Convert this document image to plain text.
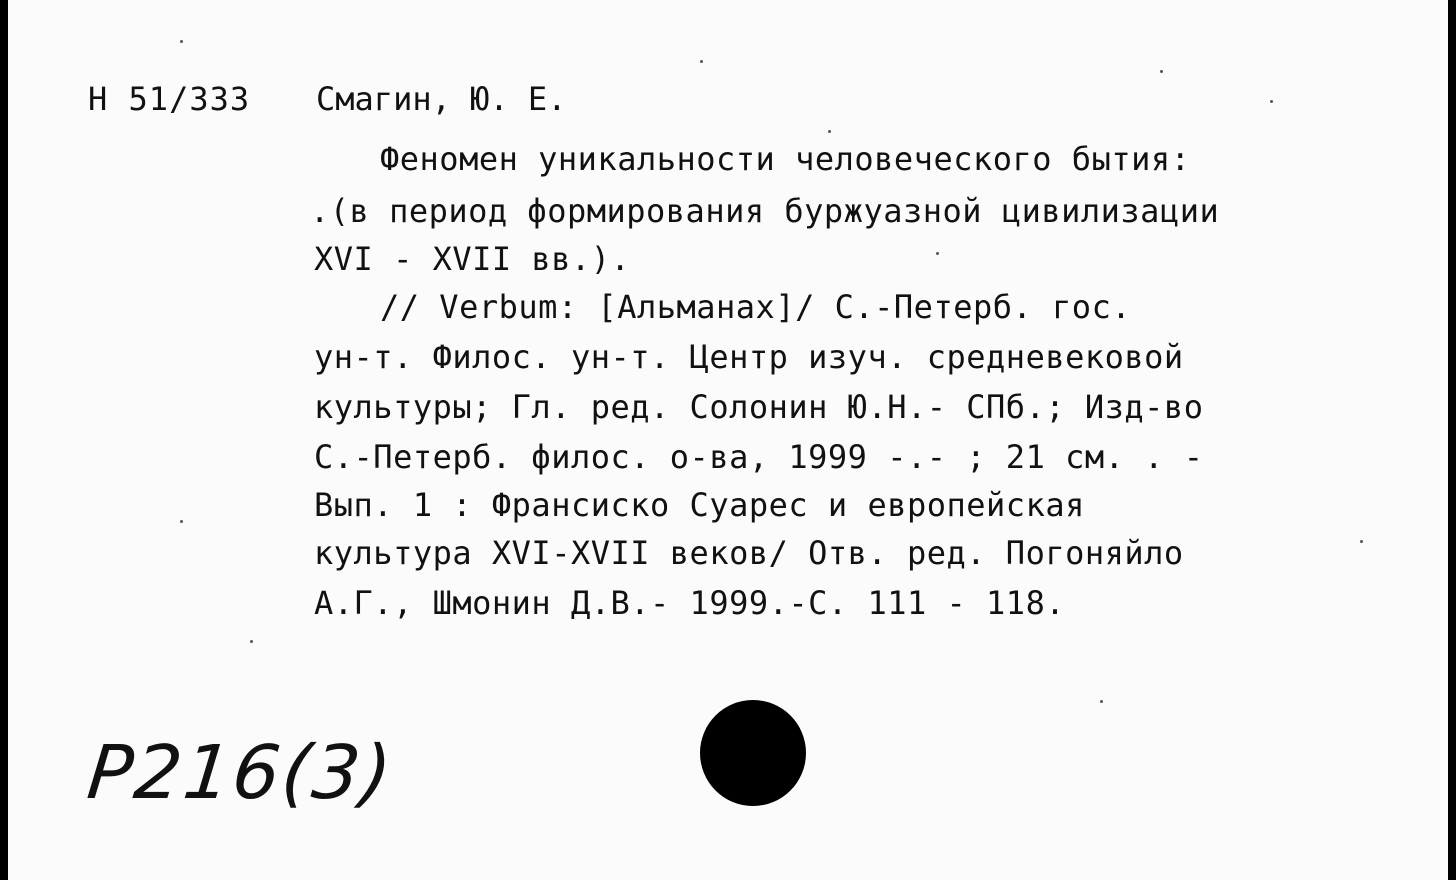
Н 51/333 Смагин, Ю. Е.
Феномен уникальности человеческого бытия:
.(в период формирования буржуазной цивилизации
XVI - XVII вв.).
// Verbum: [Альманах]/ С.-Петерб. гос.
ун-т. Филос. ун-т. Центр изуч. средневековой
культуры; Гл. ред. Солонин Ю.Н.- СПб.; Изд-во
С.-Петерб. филос. о-ва, 1999 -.- ; 21 см. . -
Вып. 1 : Франсиско Суарес и европейская
культура XVI-XVII веков/ Отв. ред. Погоняйло
А.Г., Шмонин Д.В.- 1999.-С. 111 - 118.
P216(3)
